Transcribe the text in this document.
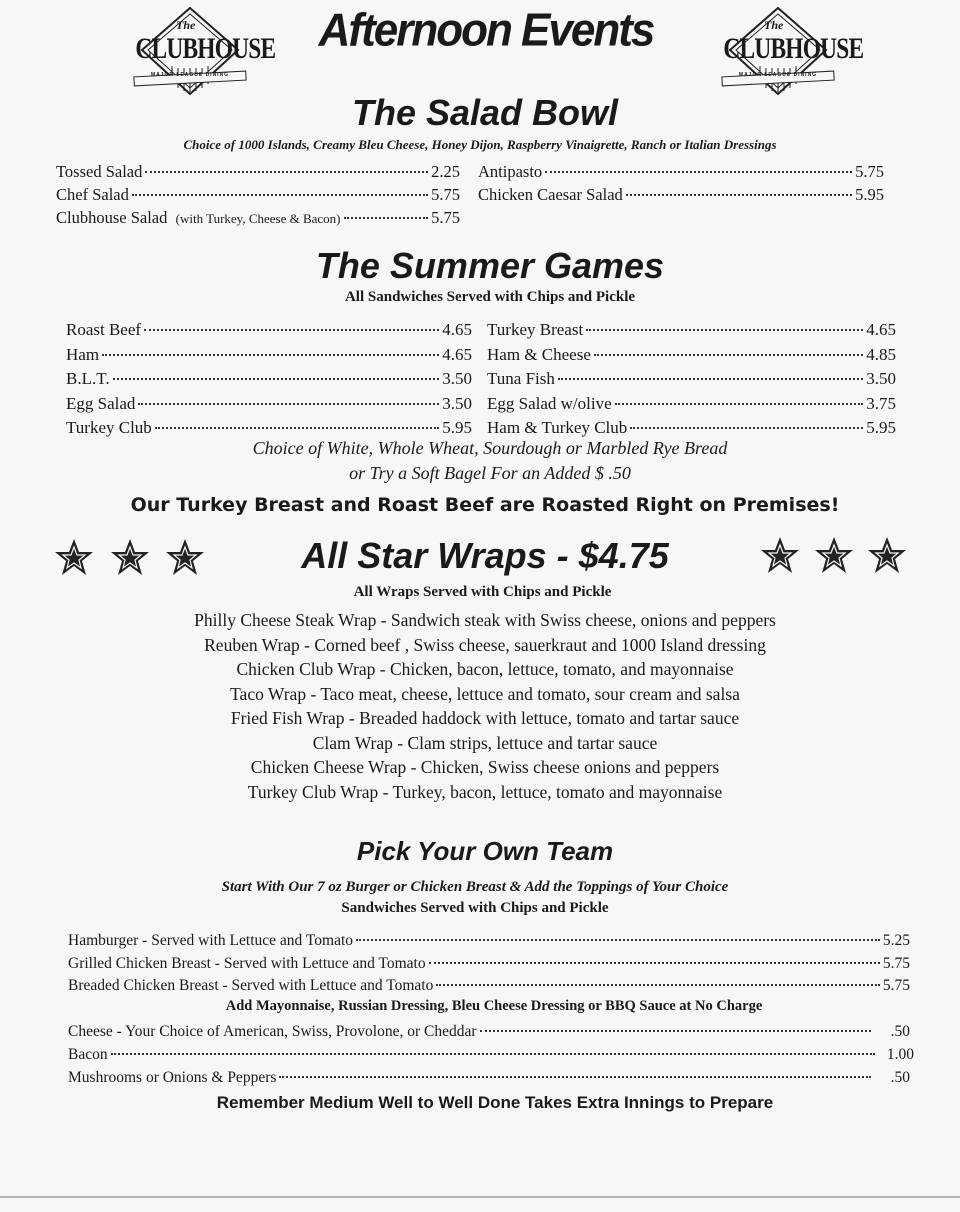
The
CLUBHOUSE
MAJOR LEAGUE DINING
The
CLUBHOUSE
MAJOR LEAGUE DINING
Afternoon Events
The Salad Bowl
Choice of 1000 Islands, Creamy Bleu Cheese, Honey Dijon, Raspberry Vinaigrette, Ranch or Italian Dressings
Tossed Salad	2.25
Chef Salad	5.75
Clubhouse Salad
(with Turkey, Cheese & Bacon)	5.75
Antipasto	5.75
Chicken Caesar Salad	5.95
The Summer Games
All Sandwiches Served with Chips and Pickle
Roast Beef	4.65
Ham	4.65
B.L.T.	3.50
Egg Salad	3.50
Turkey Club	5.95
Turkey Breast	4.65
Ham & Cheese	4.85
Tuna Fish	3.50
Egg Salad w/olive	3.75
Ham & Turkey Club	5.95
Choice of White, Whole Wheat, Sourdough or Marbled Rye Bread
or Try a Soft Bagel For an Added $ .50
Our Turkey Breast and Roast Beef are Roasted Right on Premises!
All Star Wraps - $4.75
All Wraps Served with Chips and Pickle
Philly Cheese Steak Wrap - Sandwich steak with Swiss cheese, onions and peppers
Reuben Wrap - Corned beef , Swiss cheese, sauerkraut and 1000 Island dressing
Chicken Club Wrap - Chicken, bacon, lettuce, tomato, and mayonnaise
Taco Wrap - Taco meat, cheese, lettuce and tomato, sour cream and salsa
Fried Fish Wrap - Breaded haddock with lettuce, tomato and tartar sauce
Clam Wrap - Clam strips, lettuce and tartar sauce
Chicken Cheese Wrap - Chicken, Swiss cheese onions and peppers
Turkey Club Wrap - Turkey, bacon, lettuce, tomato and mayonnaise
Pick Your Own Team
Start With Our 7 oz Burger or Chicken Breast & Add the Toppings of Your Choice
Sandwiches Served with Chips and Pickle
Hamburger - Served with Lettuce and Tomato	5.25
Grilled Chicken Breast - Served with Lettuce and Tomato	5.75
Breaded Chicken Breast - Served with Lettuce and Tomato	5.75
Add Mayonnaise, Russian Dressing, Bleu Cheese Dressing or BBQ Sauce at No Charge
Cheese - Your Choice of American, Swiss, Provolone, or Cheddar	.50
Bacon	1.00
Mushrooms or Onions & Peppers	.50
Remember Medium Well to Well Done Takes Extra Innings to Prepare
